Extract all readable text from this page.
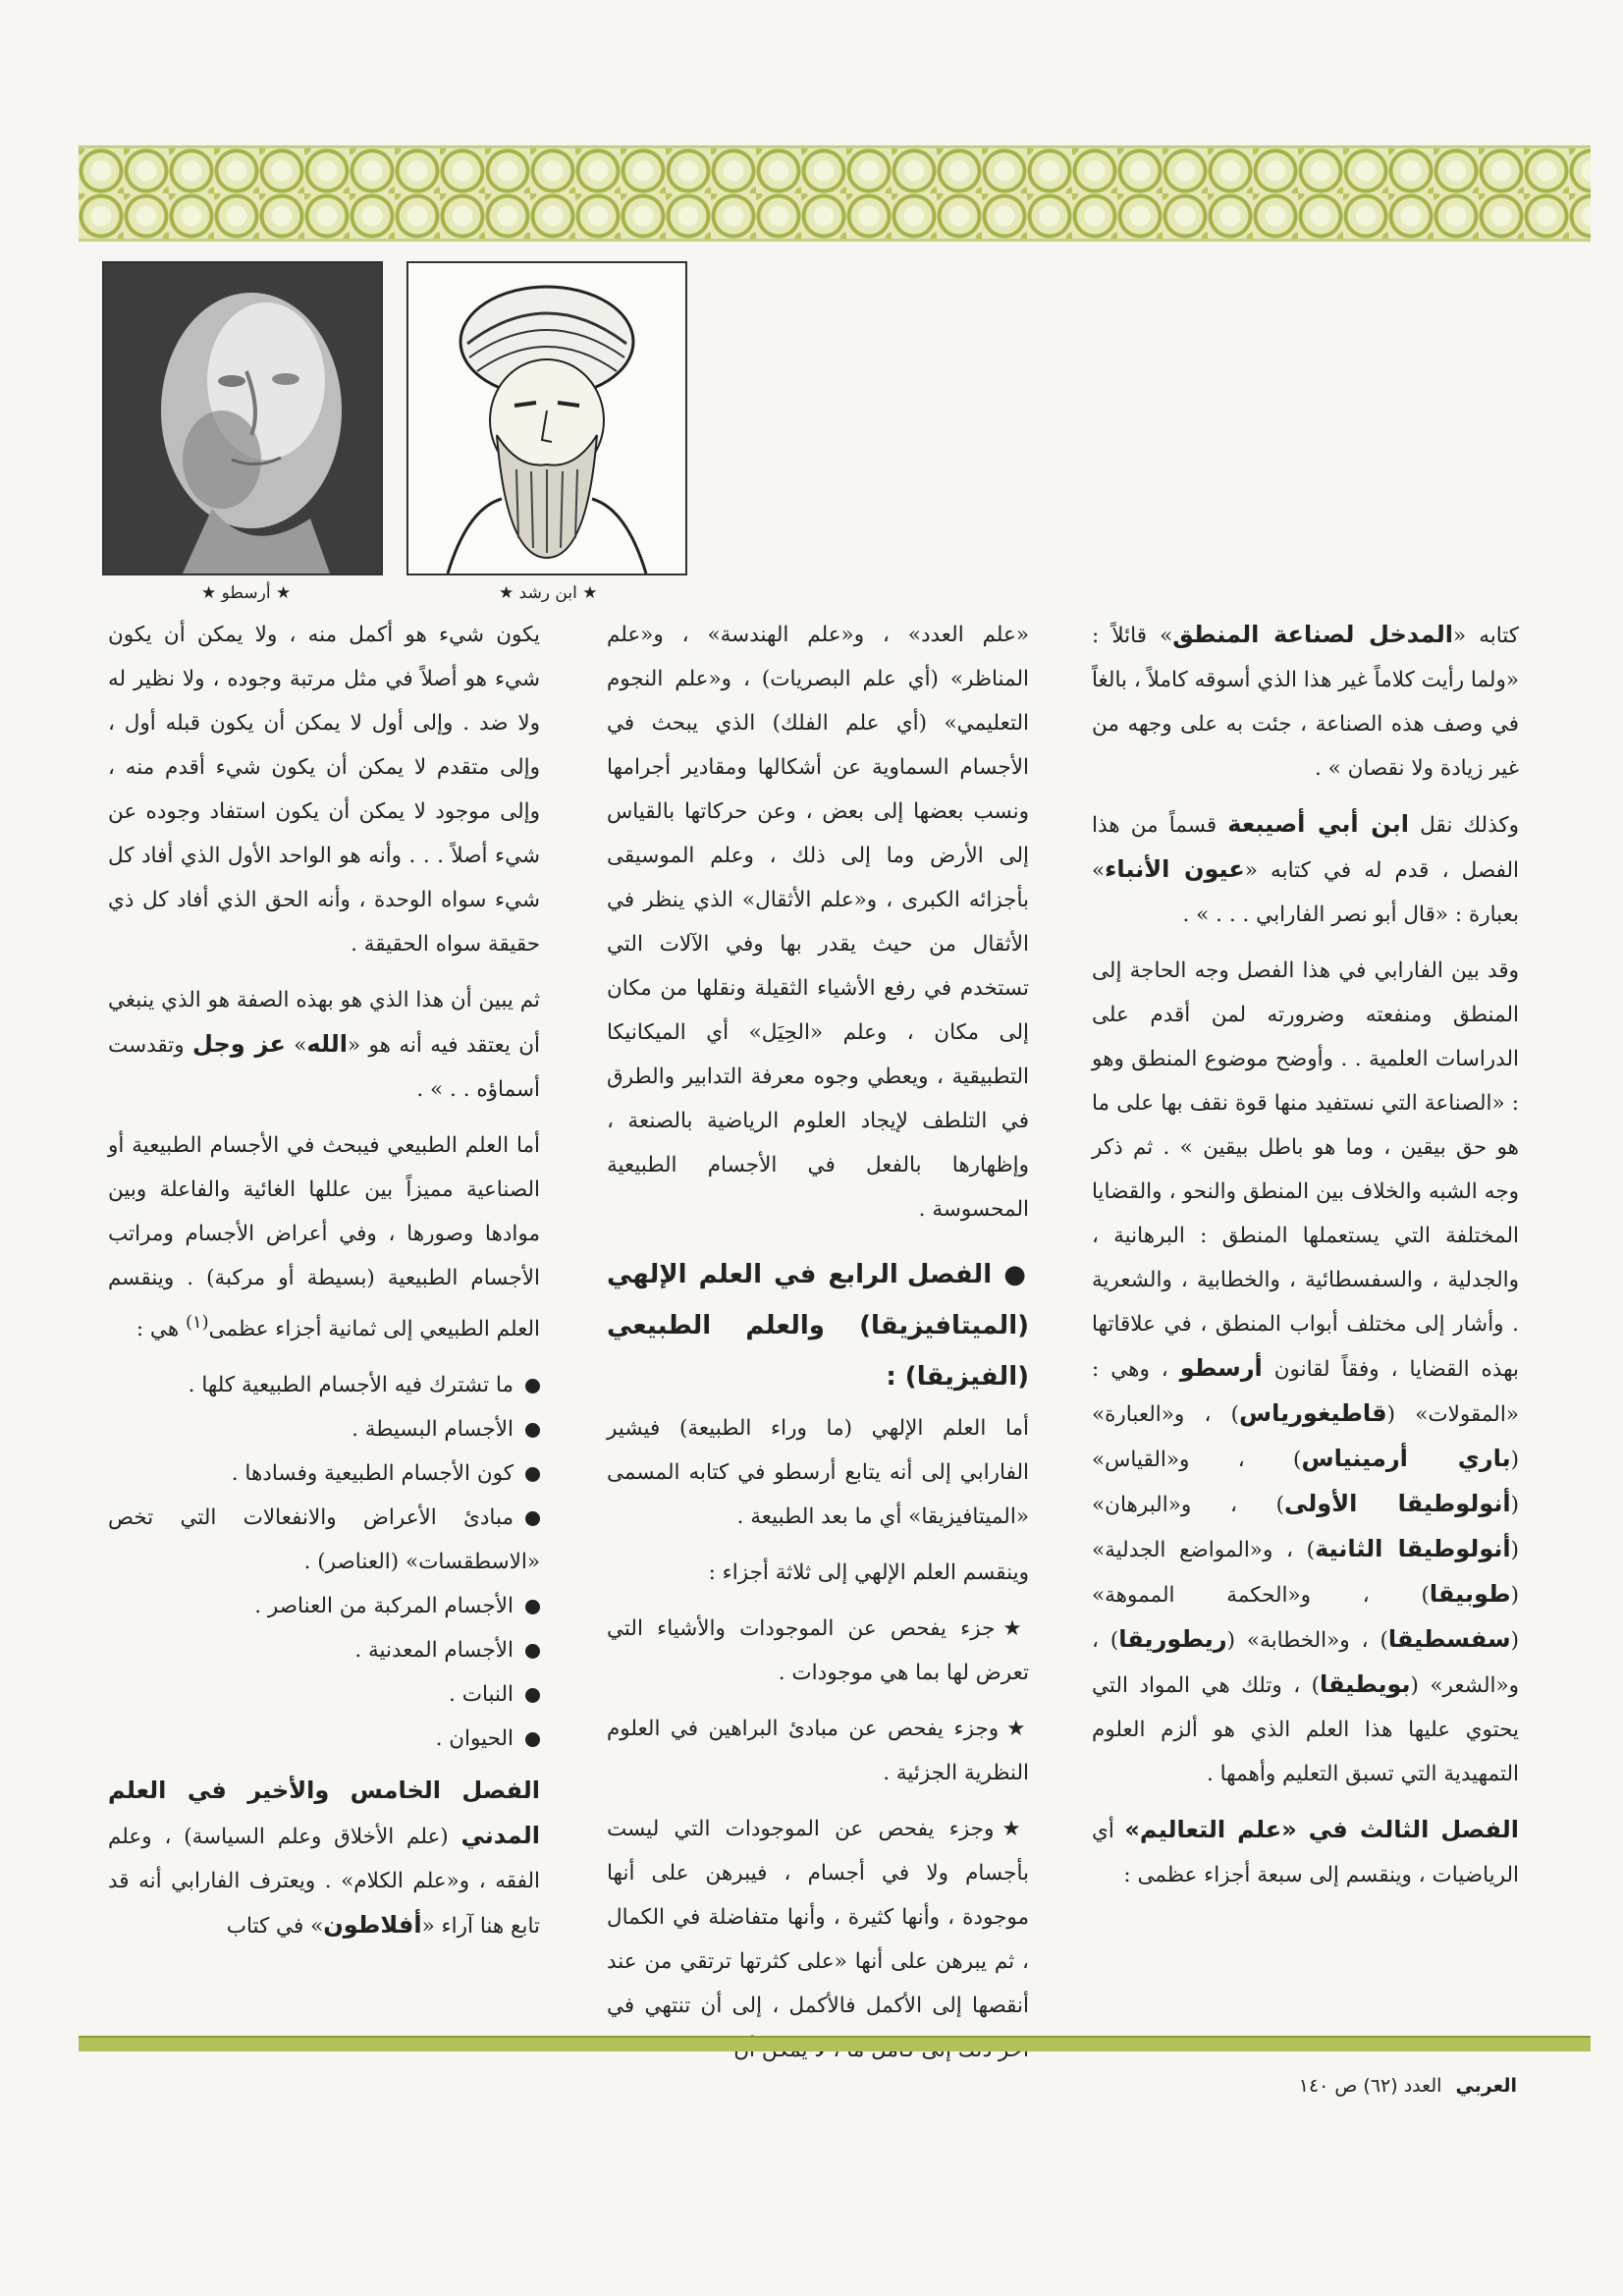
★ أرسطو ★	★ ابن رشد ★

كتابه «المدخل لصناعة المنطق» قائلاً : «ولما رأيت كلاماً غير هذا الذي أسوقه كاملاً ، بالغاً في وصف هذه الصناعة ، جئت به على وجهه من غير زيادة ولا نقصان » .

وكذلك نقل ابن أبي أصيبعة قسماً من هذا الفصل ، قدم له في كتابه «عيون الأنباء» بعبارة : «قال أبو نصر الفارابي . . . » .

وقد بين الفارابي في هذا الفصل وجه الحاجة إلى المنطق ومنفعته وضرورته لمن أقدم على الدراسات العلمية . . وأوضح موضوع المنطق وهو : «الصناعة التي نستفيد منها قوة نقف بها على ما هو حق بيقين ، وما هو باطل بيقين » . ثم ذكر وجه الشبه والخلاف بين المنطق والنحو ، والقضايا المختلفة التي يستعملها المنطق : البرهانية ، والجدلية ، والسفسطائية ، والخطابية ، والشعرية . وأشار إلى مختلف أبواب المنطق ، في علاقاتها بهذه القضايا ، وفقاً لقانون أرسطو ، وهي : «المقولات» (قاطيغورياس) ، و«العبارة» (باري أرمينياس) ، و«القياس» (أنولوطيقا الأولى) ، و«البرهان» (أنولوطيقا الثانية) ، و«المواضع الجدلية» (طوبيقا) ، و«الحكمة المموهة» (سفسطيقا) ، و«الخطابة» (ريطوريقا) ، و«الشعر» (بويطيقا) ، وتلك هي المواد التي يحتوي عليها هذا العلم الذي هو ألزم العلوم التمهيدية التي تسبق التعليم وأهمها .

الفصل الثالث في «علم التعاليم» أي الرياضيات ، وينقسم إلى سبعة أجزاء عظمى :

«علم العدد» ، و«علم الهندسة» ، و«علم المناظر» (أي علم البصريات) ، و«علم النجوم التعليمي» (أي علم الفلك) الذي يبحث في الأجسام السماوية عن أشكالها ومقادير أجرامها ونسب بعضها إلى بعض ، وعن حركاتها بالقياس إلى الأرض وما إلى ذلك ، وعلم الموسيقى بأجزائه الكبرى ، و«علم الأثقال» الذي ينظر في الأثقال من حيث يقدر بها وفي الآلات التي تستخدم في رفع الأشياء الثقيلة ونقلها من مكان إلى مكان ، وعلم «الحِيَل» أي الميكانيكا التطبيقية ، ويعطي وجوه معرفة التدابير والطرق في التلطف لإيجاد العلوم الرياضية بالصنعة ، وإظهارها بالفعل في الأجسام الطبيعية المحسوسة .

● الفصل الرابع في العلم الإلهي (الميتافيزيقا) والعلم الطبيعي (الفيزيقا) :

أما العلم الإلهي (ما وراء الطبيعة) فيشير الفارابي إلى أنه يتابع أرسطو في كتابه المسمى «الميتافيزيقا» أي ما بعد الطبيعة .

وينقسم العلم الإلهي إلى ثلاثة أجزاء :

★جزء يفحص عن الموجودات والأشياء التي تعرض لها بما هي موجودات .

★وجزء يفحص عن مبادئ البراهين في العلوم النظرية الجزئية .

★وجزء يفحص عن الموجودات التي ليست بأجسام ولا في أجسام ، فيبرهن على أنها موجودة ، وأنها كثيرة ، وأنها متفاضلة في الكمال ، ثم يبرهن على أنها «على كثرتها ترتقي من عند أنقصها إلى الأكمل فالأكمل ، إلى أن تنتهي في

يكون شيء هو أكمل منه ، ولا يمكن أن يكون شيء هو أصلاً في مثل مرتبة وجوده ، ولا نظير له ولا ضد . وإلى أول لا يمكن أن يكون قبله أول ، وإلى متقدم لا يمكن أن يكون شيء أقدم منه ، وإلى موجود لا يمكن أن يكون استفاد وجوده عن شيء أصلاً . . . وأنه هو الواحد الأول الذي أفاد كل شيء سواه الوحدة ، وأنه الحق الذي أفاد كل ذي حقيقة سواه الحقيقة .

ثم يبين أن هذا الذي هو بهذه الصفة هو الذي ينبغي أن يعتقد فيه أنه هو «الله» عز وجل وتقدست أسماؤه . . » .

أما العلم الطبيعي فيبحث في الأجسام الطبيعية أو الصناعية مميزاً بين عللها الغائية والفاعلة وبين موادها وصورها ، وفي أعراض الأجسام ومراتب الأجسام الطبيعية (بسيطة أو مركبة) . وينقسم العلم الطبيعي إلى ثمانية أجزاء عظمى$^{(١)}$ هي :

ما تشترك فيه الأجسام الطبيعية كلها .
الأجسام البسيطة .
كون الأجسام الطبيعية وفسادها .
مبادئ الأعراض والانفعالات التي تخص «الاسطقسات» (العناصر) .
الأجسام المركبة من العناصر .
الأجسام المعدنية .
النبات .
الحيوان .

الفصل الخامس والأخير في العلم المدني (علم الأخلاق وعلم السياسة) ، وعلم الفقه ، و«علم الكلام» . ويعترف الفارابي أنه قد تابع هنا آراء «أفلاطون» في كتاب

العربي العدد (٦٢) ص ١٤٠
